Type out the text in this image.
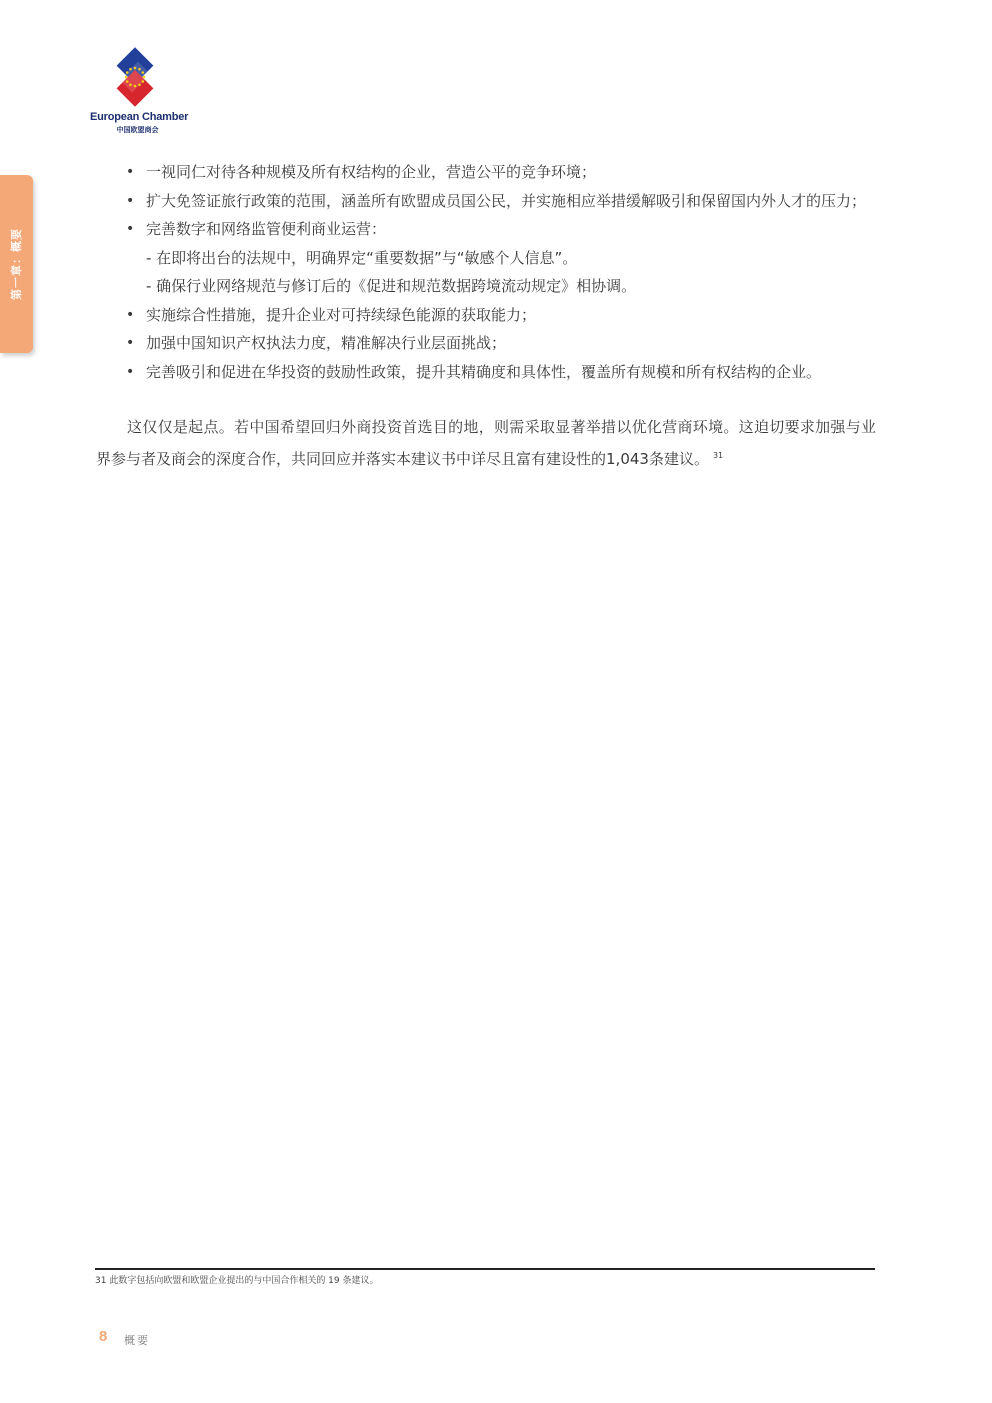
European Chamber
中国欧盟商会
第一章：概要
• 一视同仁对待各种规模及所有权结构的企业，营造公平的竞争环境；
• 扩大免签证旅行政策的范围，涵盖所有欧盟成员国公民，并实施相应举措缓解吸引和保留国内外人才的压力；
• 完善数字和网络监管便利商业运营：
- 在即将出台的法规中，明确界定“重要数据”与“敏感个人信息”。
- 确保行业网络规范与修订后的《促进和规范数据跨境流动规定》相协调。
• 实施综合性措施，提升企业对可持续绿色能源的获取能力；
• 加强中国知识产权执法力度，精准解决行业层面挑战；
• 完善吸引和促进在华投资的鼓励性政策，提升其精确度和具体性，覆盖所有规模和所有权结构的企业。

这仅仅是起点。若中国希望回归外商投资首选目的地，则需采取显著举措以优化营商环境。这迫切要求加强与业界参与者及商会的深度合作，共同回应并落实本建议书中详尽且富有建设性的1,043条建议。 $^{31}$

31 此数字包括向欧盟和欧盟企业提出的与中国合作相关的 19 条建议。
8 概要
